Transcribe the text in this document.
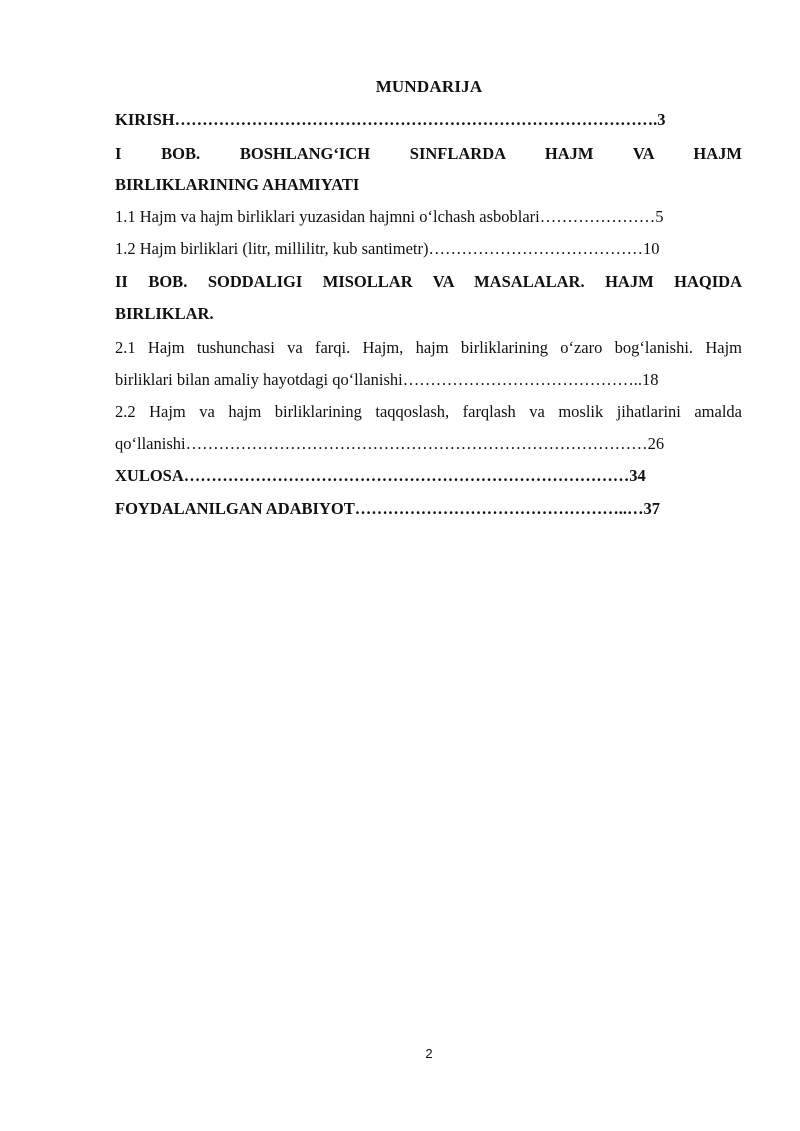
MUNDARIJA
KIRISH…………………………………………………………………………….3
I BOB. BOSHLANG‘ICH SINFLARDA HAJM VA HAJM
BIRLIKLARINING AHAMIYATI
1.1 Hajm va hajm birliklari yuzasidan hajmni o‘lchash asboblari…………………5
1.2 Hajm birliklari (litr, millilitr, kub santimetr)…………………………………10
II BOB. SODDALIGI MISOLLAR VA MASALALAR. HAJM HAQIDA
BIRLIKLAR.
2.1 Hajm tushunchasi va farqi. Hajm, hajm birliklarining o‘zaro bog‘lanishi. Hajm
birliklari bilan amaliy hayotdagi qo‘llanishi……………………………………..18
2.2 Hajm va hajm birliklarining taqqoslash, farqlash va moslik jihatlarini amalda
qo‘llanishi…………………………………………………………………………26
XULOSA………………………………………………………………………34
FOYDALANILGAN ADABIYOT…………………………………………..…37
2
